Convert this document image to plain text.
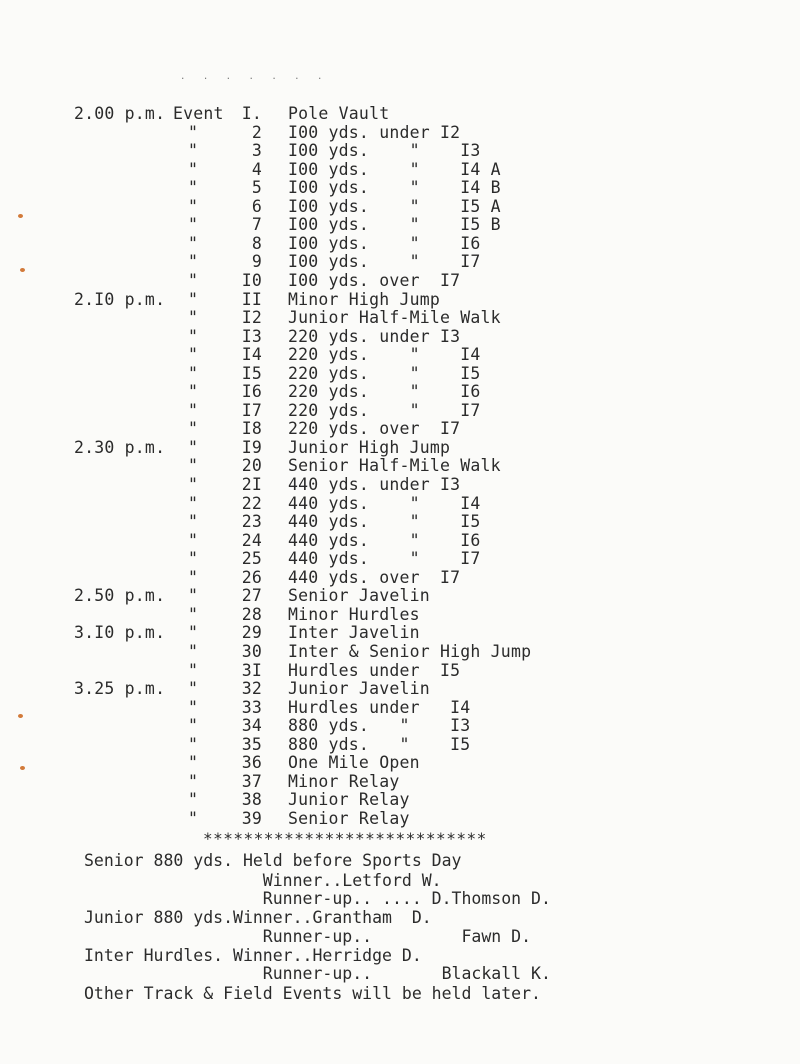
. . . . . . .
2.00 p.m. Event	I. Pole Vault
"	2 I00 yds. under I2
"	3 I00 yds.    "    I3
"	4 I00 yds.    "    I4 A
"	5 I00 yds.    "    I4 B
"	6 I00 yds.    "    I5 A
"	7 I00 yds.    "    I5 B
"	8 I00 yds.    "    I6
"	9 I00 yds.    "    I7
"	I0 I00 yds. over  I7
2.I0 p.m. "	II Minor High Jump
"	I2 Junior Half-Mile Walk
"	I3 220 yds. under I3
"	I4 220 yds.    "    I4
"	I5 220 yds.    "    I5
"	I6 220 yds.    "    I6
"	I7 220 yds.    "    I7
"	I8 220 yds. over  I7
2.30 p.m. "	I9 Junior High Jump
"	20 Senior Half-Mile Walk
"	2I 440 yds. under I3
"	22 440 yds.    "    I4
"	23 440 yds.    "    I5
"	24 440 yds.    "    I6
"	25 440 yds.    "    I7
"	26 440 yds. over  I7
2.50 p.m. "	27 Senior Javelin
"	28 Minor Hurdles
3.I0 p.m. "	29 Inter Javelin
"	30 Inter & Senior High Jump
"	3I Hurdles under  I5
3.25 p.m. "	32 Junior Javelin
"	33 Hurdles under   I4
"	34 880 yds.   "    I3
"	35 880 yds.   "    I5
"	36 One Mile Open
"	37 Minor Relay
"	38 Junior Relay
"	39 Senior Relay
****************************
Senior 880 yds. Held before Sports Day
Winner..Letford W.
Runner-up.. .... D.Thomson D.
Junior 880 yds.Winner..Grantham  D.
Runner-up..         Fawn D.
Inter Hurdles. Winner..Herridge D.
Runner-up..       Blackall K.
Other Track & Field Events will be held later.
